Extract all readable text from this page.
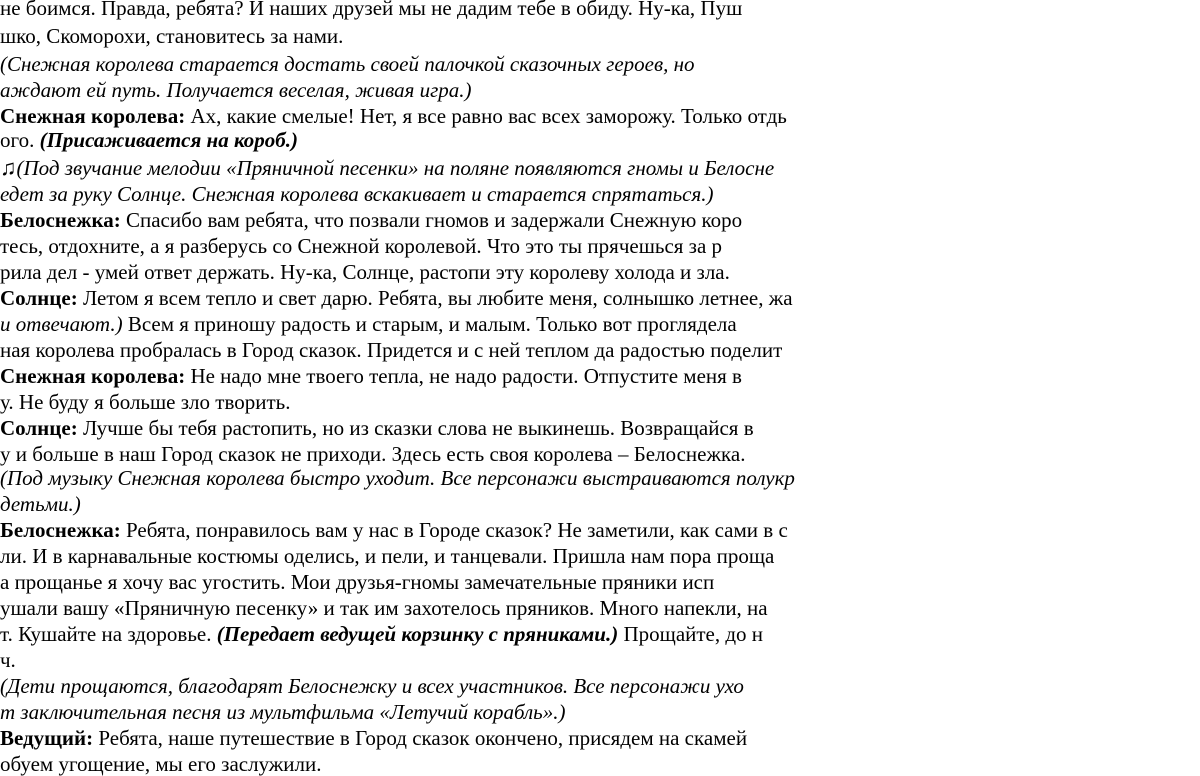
не боимся. Правда, ребята? И наших друзей мы не дадим тебе в обиду. Ну-ка, Пуш
шко, Скоморохи, становитесь за нами.
(Снежная королева старается достать своей палочкой сказочных героев, но
аждают ей путь. Получается веселая, живая игра.)
Снежная королева: Ах, какие смелые! Нет, я все равно вас всех заморожу. Только отдь
ого. (Присаживается на короб.)
♫(Под звучание мелодии «Пряничной песенки» на поляне появляются гномы и Белосне
едет за руку Солнце. Снежная королева вскакивает и старается спрятаться.)
Белоснежка: Спасибо вам ребята, что позвали гномов и задержали Снежную коро
тесь, отдохните, а я разберусь со Снежной королевой. Что это ты прячешься за р
рила дел - умей ответ держать. Ну-ка, Солнце, растопи эту королеву холода и зла.
Солнце: Летом я всем тепло и свет дарю. Ребята, вы любите меня, солнышко летнее, жа
и отвечают.) Всем я приношу радость и старым, и малым. Только вот проглядела
ная королева пробралась в Город сказок. Придется и с ней теплом да радостью поделит
Снежная королева: Не надо мне твоего тепла, не надо радости. Отпустите меня в
у. Не буду я больше зло творить.
Солнце: Лучше бы тебя растопить, но из сказки слова не выкинешь. Возвращайся в
у и больше в наш Город сказок не приходи. Здесь есть своя королева – Белоснежка.
(Под музыку Снежная королева быстро уходит. Все персонажи выстраиваются полукр
детьми.)
Белоснежка: Ребята, понравилось вам у нас в Городе сказок? Не заметили, как сами в с
ли. И в карнавальные костюмы оделись, и пели, и танцевали. Пришла нам пора проща
а прощанье я хочу вас угостить. Мои друзья-гномы замечательные пряники исп
ушали вашу «Пряничную песенку» и так им захотелось пряников. Много напекли, на
т. Кушайте на здоровье. (Передает ведущей корзинку с пряниками.) Прощайте, до н
ч.
(Дети прощаются, благодарят Белоснежку и всех участников. Все персонажи ухо
т заключительная песня из мультфильма «Летучий корабль».)
Ведущий: Ребята, наше путешествие в Город сказок окончено, присядем на скамей
обуем угощение, мы его заслужили.
